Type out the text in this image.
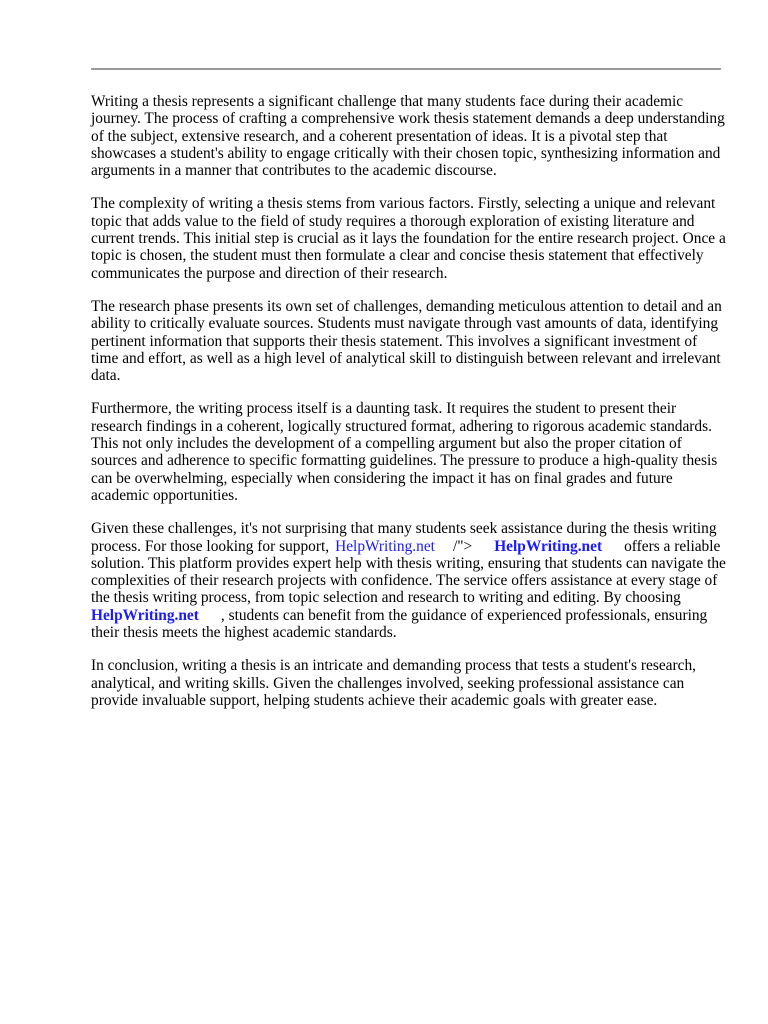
Writing a thesis represents a significant challenge that many students face during their academic journey. The process of crafting a comprehensive work thesis statement demands a deep understanding of the subject, extensive research, and a coherent presentation of ideas. It is a pivotal step that showcases a student's ability to engage critically with their chosen topic, synthesizing information and arguments in a manner that contributes to the academic discourse.

The complexity of writing a thesis stems from various factors. Firstly, selecting a unique and relevant topic that adds value to the field of study requires a thorough exploration of existing literature and current trends. This initial step is crucial as it lays the foundation for the entire research project. Once a topic is chosen, the student must then formulate a clear and concise thesis statement that effectively communicates the purpose and direction of their research.

The research phase presents its own set of challenges, demanding meticulous attention to detail and an ability to critically evaluate sources. Students must navigate through vast amounts of data, identifying pertinent information that supports their thesis statement. This involves a significant investment of time and effort, as well as a high level of analytical skill to distinguish between relevant and irrelevant data.

Furthermore, the writing process itself is a daunting task. It requires the student to present their research findings in a coherent, logically structured format, adhering to rigorous academic standards. This not only includes the development of a compelling argument but also the proper citation of sources and adherence to specific formatting guidelines. The pressure to produce a high-quality thesis can be overwhelming, especially when considering the impact it has on final grades and future academic opportunities.

Given these challenges, it's not surprising that many students seek assistance during the thesis writing process. For those looking for support, HelpWriting.net /"> HelpWriting.net offers a reliable solution. This platform provides expert help with thesis writing, ensuring that students can navigate the complexities of their research projects with confidence. The service offers assistance at every stage of the thesis writing process, from topic selection and research to writing and editing. By choosingHelpWriting.net , students can benefit from the guidance of experienced professionals, ensuring their thesis meets the highest academic standards.

In conclusion, writing a thesis is an intricate and demanding process that tests a student's research, analytical, and writing skills. Given the challenges involved, seeking professional assistance can provide invaluable support, helping students achieve their academic goals with greater ease.
